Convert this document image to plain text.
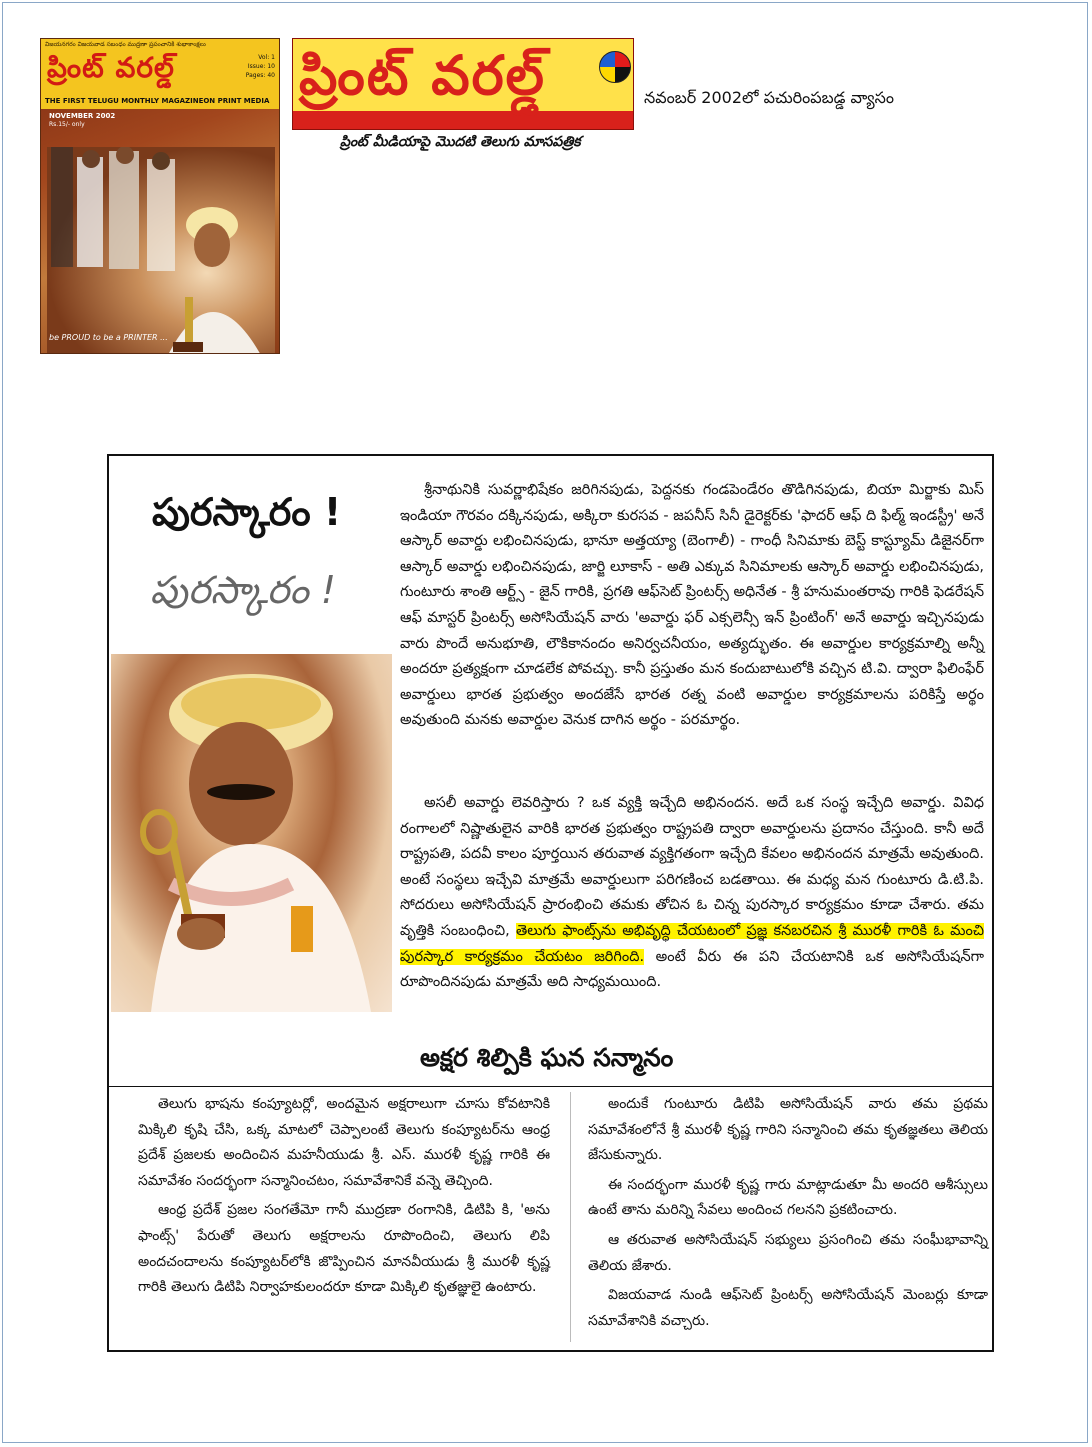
విజయనగరం విజయవాడ సబంధం ముద్రణా ప్రపంచానికి శుభాకాంక్షలు
ప్రింట్ వరల్డ్	Vol: 1
Issue: 10
Pages: 40
THE FIRST TELUGU MONTHLY MAGAZINEON PRINT MEDIA
NOVEMBER 2002
Rs.15/- only
be PROUD to be a PRINTER ...
ప్రింట్ వరల్డ్
ప్రింట్ మీడియాపై మొదటి తెలుగు మాసపత్రిక
నవంబర్ 2002లో పచురింపబడ్డ వ్యాసం
పురస్కారం !
పురస్కారం !

శ్రీనాథునికి సువర్ణాభిషేకం జరిగినపుడు, పెద్దనకు గండపెండేరం తొడిగినపుడు, బియా మిర్జాకు మిస్ ఇండియా గౌరవం దక్కినపుడు, అక్కిరా కురసవ - జపనీస్ సినీ డైరెక్టర్‌కు 'ఫాదర్ ఆఫ్ ది ఫిల్మ్ ఇండస్ట్రీ' అనే ఆస్కార్ అవార్డు లభించినపుడు, భానూ అత్తయ్యా (బెంగాలీ) - గాంధీ సినిమాకు బెస్ట్ కాస్ట్యూమ్ డిజైనర్‌గా ఆస్కార్ అవార్డు లభించినపుడు, జార్జి లూకాస్ - అతి ఎక్కువ సినిమాలకు ఆస్కార్ అవార్డు లభించినపుడు, గుంటూరు శాంతి ఆర్ట్స్ - జైన్ గారికి, ప్రగతి ఆఫ్‌సెట్ ప్రింటర్స్ అధినేత - శ్రీ హనుమంతరావు గారికి ఫెడరేషన్ ఆఫ్ మాస్టర్ ప్రింటర్స్ అసోసియేషన్ వారు 'అవార్డు ఫర్ ఎక్సలెన్సీ ఇన్ ప్రింటింగ్' అనే అవార్డు ఇచ్చినపుడు వారు పొందే అనుభూతి, లౌకికానందం అనిర్వచనీయం, అత్యద్భుతం. ఈ అవార్డుల కార్యక్రమాల్ని అన్నీ అందరూ ప్రత్యక్షంగా చూడలేక పోవచ్చు. కానీ ప్రస్తుతం మన కందుబాటులోకి వచ్చిన టి.వి. ద్వారా ఫిలింఫేర్ అవార్డులు భారత ప్రభుత్వం అందజేసే భారత రత్న వంటి అవార్డుల కార్యక్రమాలను పరికిస్తే అర్థం అవుతుంది మనకు అవార్డుల వెనుక దాగిన అర్థం - పరమార్థం.

అసలీ అవార్డు లెవరిస్తారు ? ఒక వ్యక్తి ఇచ్చేది అభినందన. అదే ఒక సంస్థ ఇచ్చేది అవార్డు. వివిధ రంగాలలో నిష్ణాతులైన వారికి భారత ప్రభుత్వం రాష్ట్రపతి ద్వారా అవార్డులను ప్రదానం చేస్తుంది. కానీ అదే రాష్ట్రపతి, పదవీ కాలం పూర్తయిన తరువాత వ్యక్తిగతంగా ఇచ్చేది కేవలం అభినందన మాత్రమే అవుతుంది. అంటే సంస్థలు ఇచ్చేవి మాత్రమే అవార్డులుగా పరిగణించ బడతాయి. ఈ మధ్య మన గుంటూరు డి.టి.పి. సోదరులు అసోసియేషన్ ప్రారంభించి తమకు తోచిన ఓ చిన్న పురస్కార కార్యక్రమం కూడా చేశారు. తమ వృత్తికి సంబంధించి, తెలుగు ఫాంట్స్‌ను అభివృద్ధి చేయటంలో ప్రజ్ఞ కనబరచిన శ్రీ మురళీ గారికి ఓ మంచి పురస్కార కార్యక్రమం చేయటం జరిగింది. అంటే వీరు ఈ పని చేయటానికి ఒక అసోసియేషన్‌గా రూపొందినపుడు మాత్రమే అది సాధ్యమయింది.

అక్షర శిల్పికి ఘన సన్మానం

తెలుగు భాషను కంప్యూటర్లో, అందమైన అక్షరాలుగా చూసు కోవటానికి మిక్కిలి కృషి చేసి, ఒక్క మాటలో చెప్పాలంటే తెలుగు కంప్యూటర్‌ను ఆంధ్ర ప్రదేశ్ ప్రజలకు అందించిన మహనీయుడు శ్రీ. ఎస్. మురళీ కృష్ణ గారికి ఈ సమావేశం సందర్భంగా సన్మానించటం, సమావేశానికే వన్నె తెచ్చింది.

ఆంధ్ర ప్రదేశ్ ప్రజల సంగతేమో గానీ ముద్రణా రంగానికి, డిటిపి కి, 'అను ఫాంట్స్' పేరుతో తెలుగు అక్షరాలను రూపొందించి, తెలుగు లిపి అందచందాలను కంప్యూటర్‌లోకి జొప్పించిన మానవీయుడు శ్రీ మురళీ కృష్ణ గారికి తెలుగు డిటిపి నిర్వాహకులందరూ కూడా మిక్కిలి కృతజ్ఞులై ఉంటారు.

అందుకే గుంటూరు డిటిపి అసోసియేషన్ వారు తమ ప్రథమ సమావేశంలోనే శ్రీ మురళీ కృష్ణ గారిని సన్మానించి తమ కృతజ్ఞతలు తెలియ జేసుకున్నారు.

ఈ సందర్భంగా మురళీ కృష్ణ గారు మాట్లాడుతూ మీ అందరి ఆశీస్సులు ఉంటే తాను మరిన్ని సేవలు అందించ గలనని ప్రకటించారు.

ఆ తరువాత అసోసియేషన్ సభ్యులు ప్రసంగించి తమ సంఘీభావాన్ని తెలియ జేశారు.

విజయవాడ నుండి ఆఫ్‌సెట్ ప్రింటర్స్ అసోసియేషన్ మెంబర్లు కూడా సమావేశానికి వచ్చారు.
